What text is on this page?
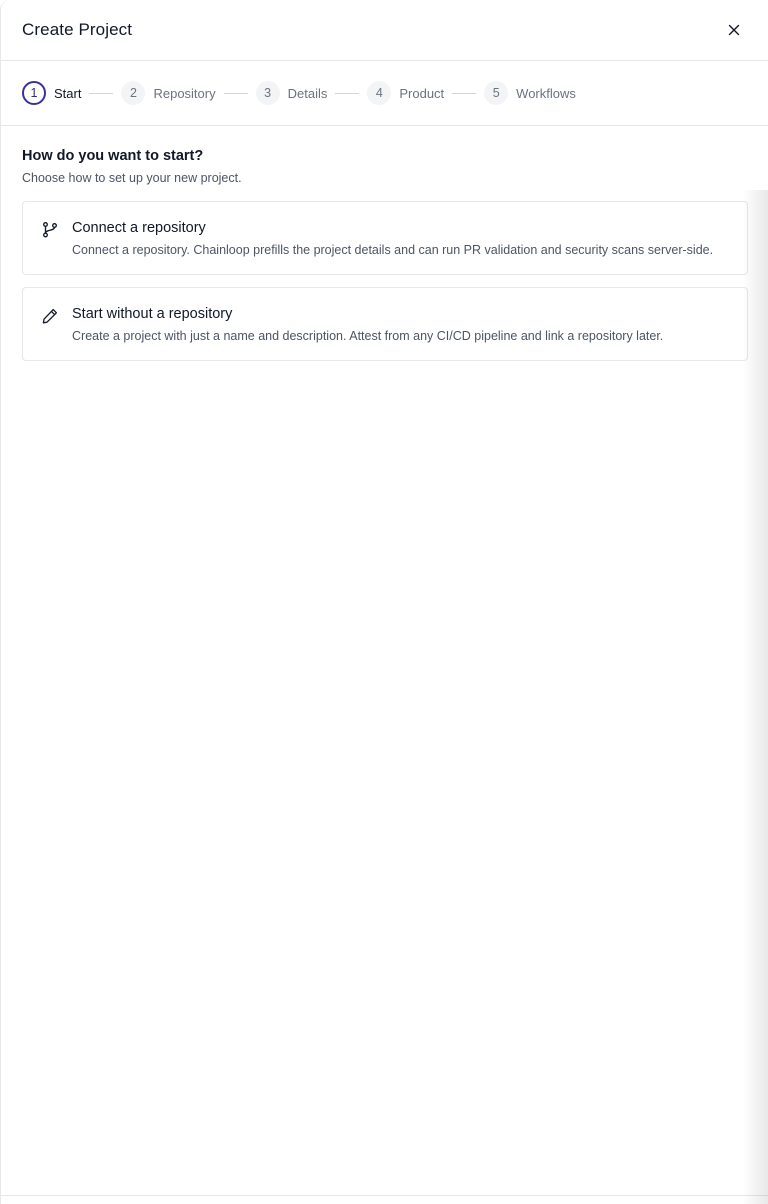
Create Project
1	Start	2	Repository	3	Details	4	Product	5	Workflows
How do you want to start?
Choose how to set up your new project.
Connect a repository
Connect a repository. Chainloop prefills the project details and can run PR validation and security scans server-side.
Start without a repository
Create a project with just a name and description. Attest from any CI/CD pipeline and link a repository later.
